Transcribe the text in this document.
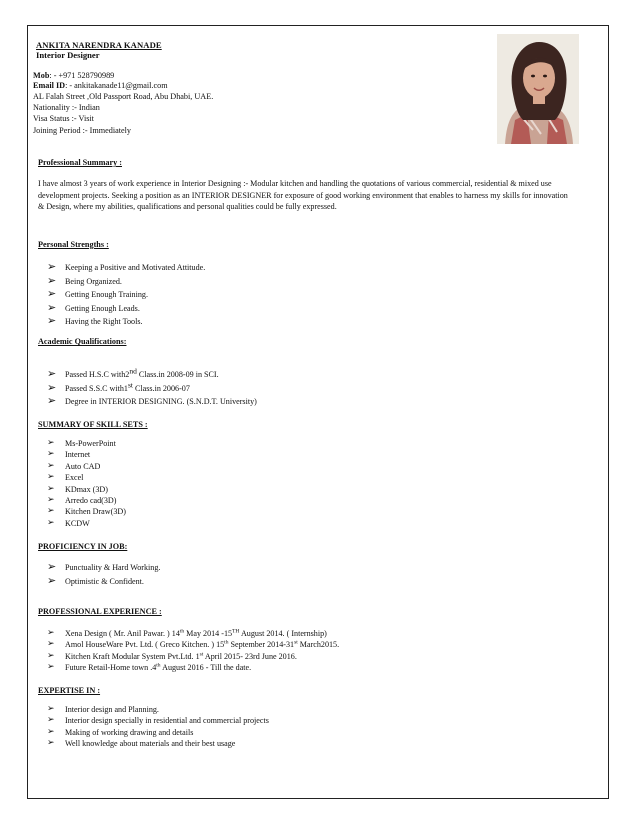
ANKITA NARENDRA KANADE
Interior Designer
Mob: - +971 528790989
Email ID: - ankitakanade11@gmail.com
AL Falah Street ,Old Passport Road, Abu Dhabi, UAE.
Nationality :- Indian
Visa Status :- Visit
Joining Period :- Immediately
Professional Summary :
I have almost 3 years of work experience in Interior Designing :- Modular kitchen and handling the quotations of various commercial, residential & mixed use development projects. Seeking a position as an INTERIOR DESIGNER for exposure of good working environment that enables to harness my skills for innovation & Design, where my abilities, qualifications and personal qualities could be fully expressed.
Personal Strengths :
➢ Keeping a Positive and Motivated Attitude.
➢ Being Organized.
➢ Getting Enough Training.
➢ Getting Enough Leads.
➢ Having the Right Tools.
Academic Qualifications:
➢ Passed H.S.C with2nd Class.in 2008-09 in SCI.
➢ Passed S.S.C with1st Class.in 2006-07
➢ Degree in INTERIOR DESIGNING. (S.N.D.T. University)
SUMMARY OF SKILL SETS :
➢ Ms-PowerPoint
➢ Internet
➢ Auto CAD
➢ Excel
➢ KDmax (3D)
➢ Arredo cad(3D)
➢ Kitchen Draw(3D)
➢ KCDW
PROFICIENCY IN JOB:
➢ Punctuality & Hard Working.
➢ Optimistic & Confident.
PROFESSIONAL EXPERIENCE :
➢ Xena Design ( Mr. Anil Pawar. ) 14th May 2014 -15TH August 2014. ( Internship)
➢ Amol HouseWare Pvt. Ltd. ( Greco Kitchen. ) 15th September 2014-31st March2015.
➢ Kitchen Kraft Modular System Pvt.Ltd. 1st April 2015- 23rd June 2016.
➢ Future Retail-Home town .4th August 2016 - Till the date.
EXPERTISE IN :
➢ Interior design and Planning.
➢ Interior design specially in residential and commercial projects
➢ Making of working drawing and details
➢ Well knowledge about materials and their best usage
